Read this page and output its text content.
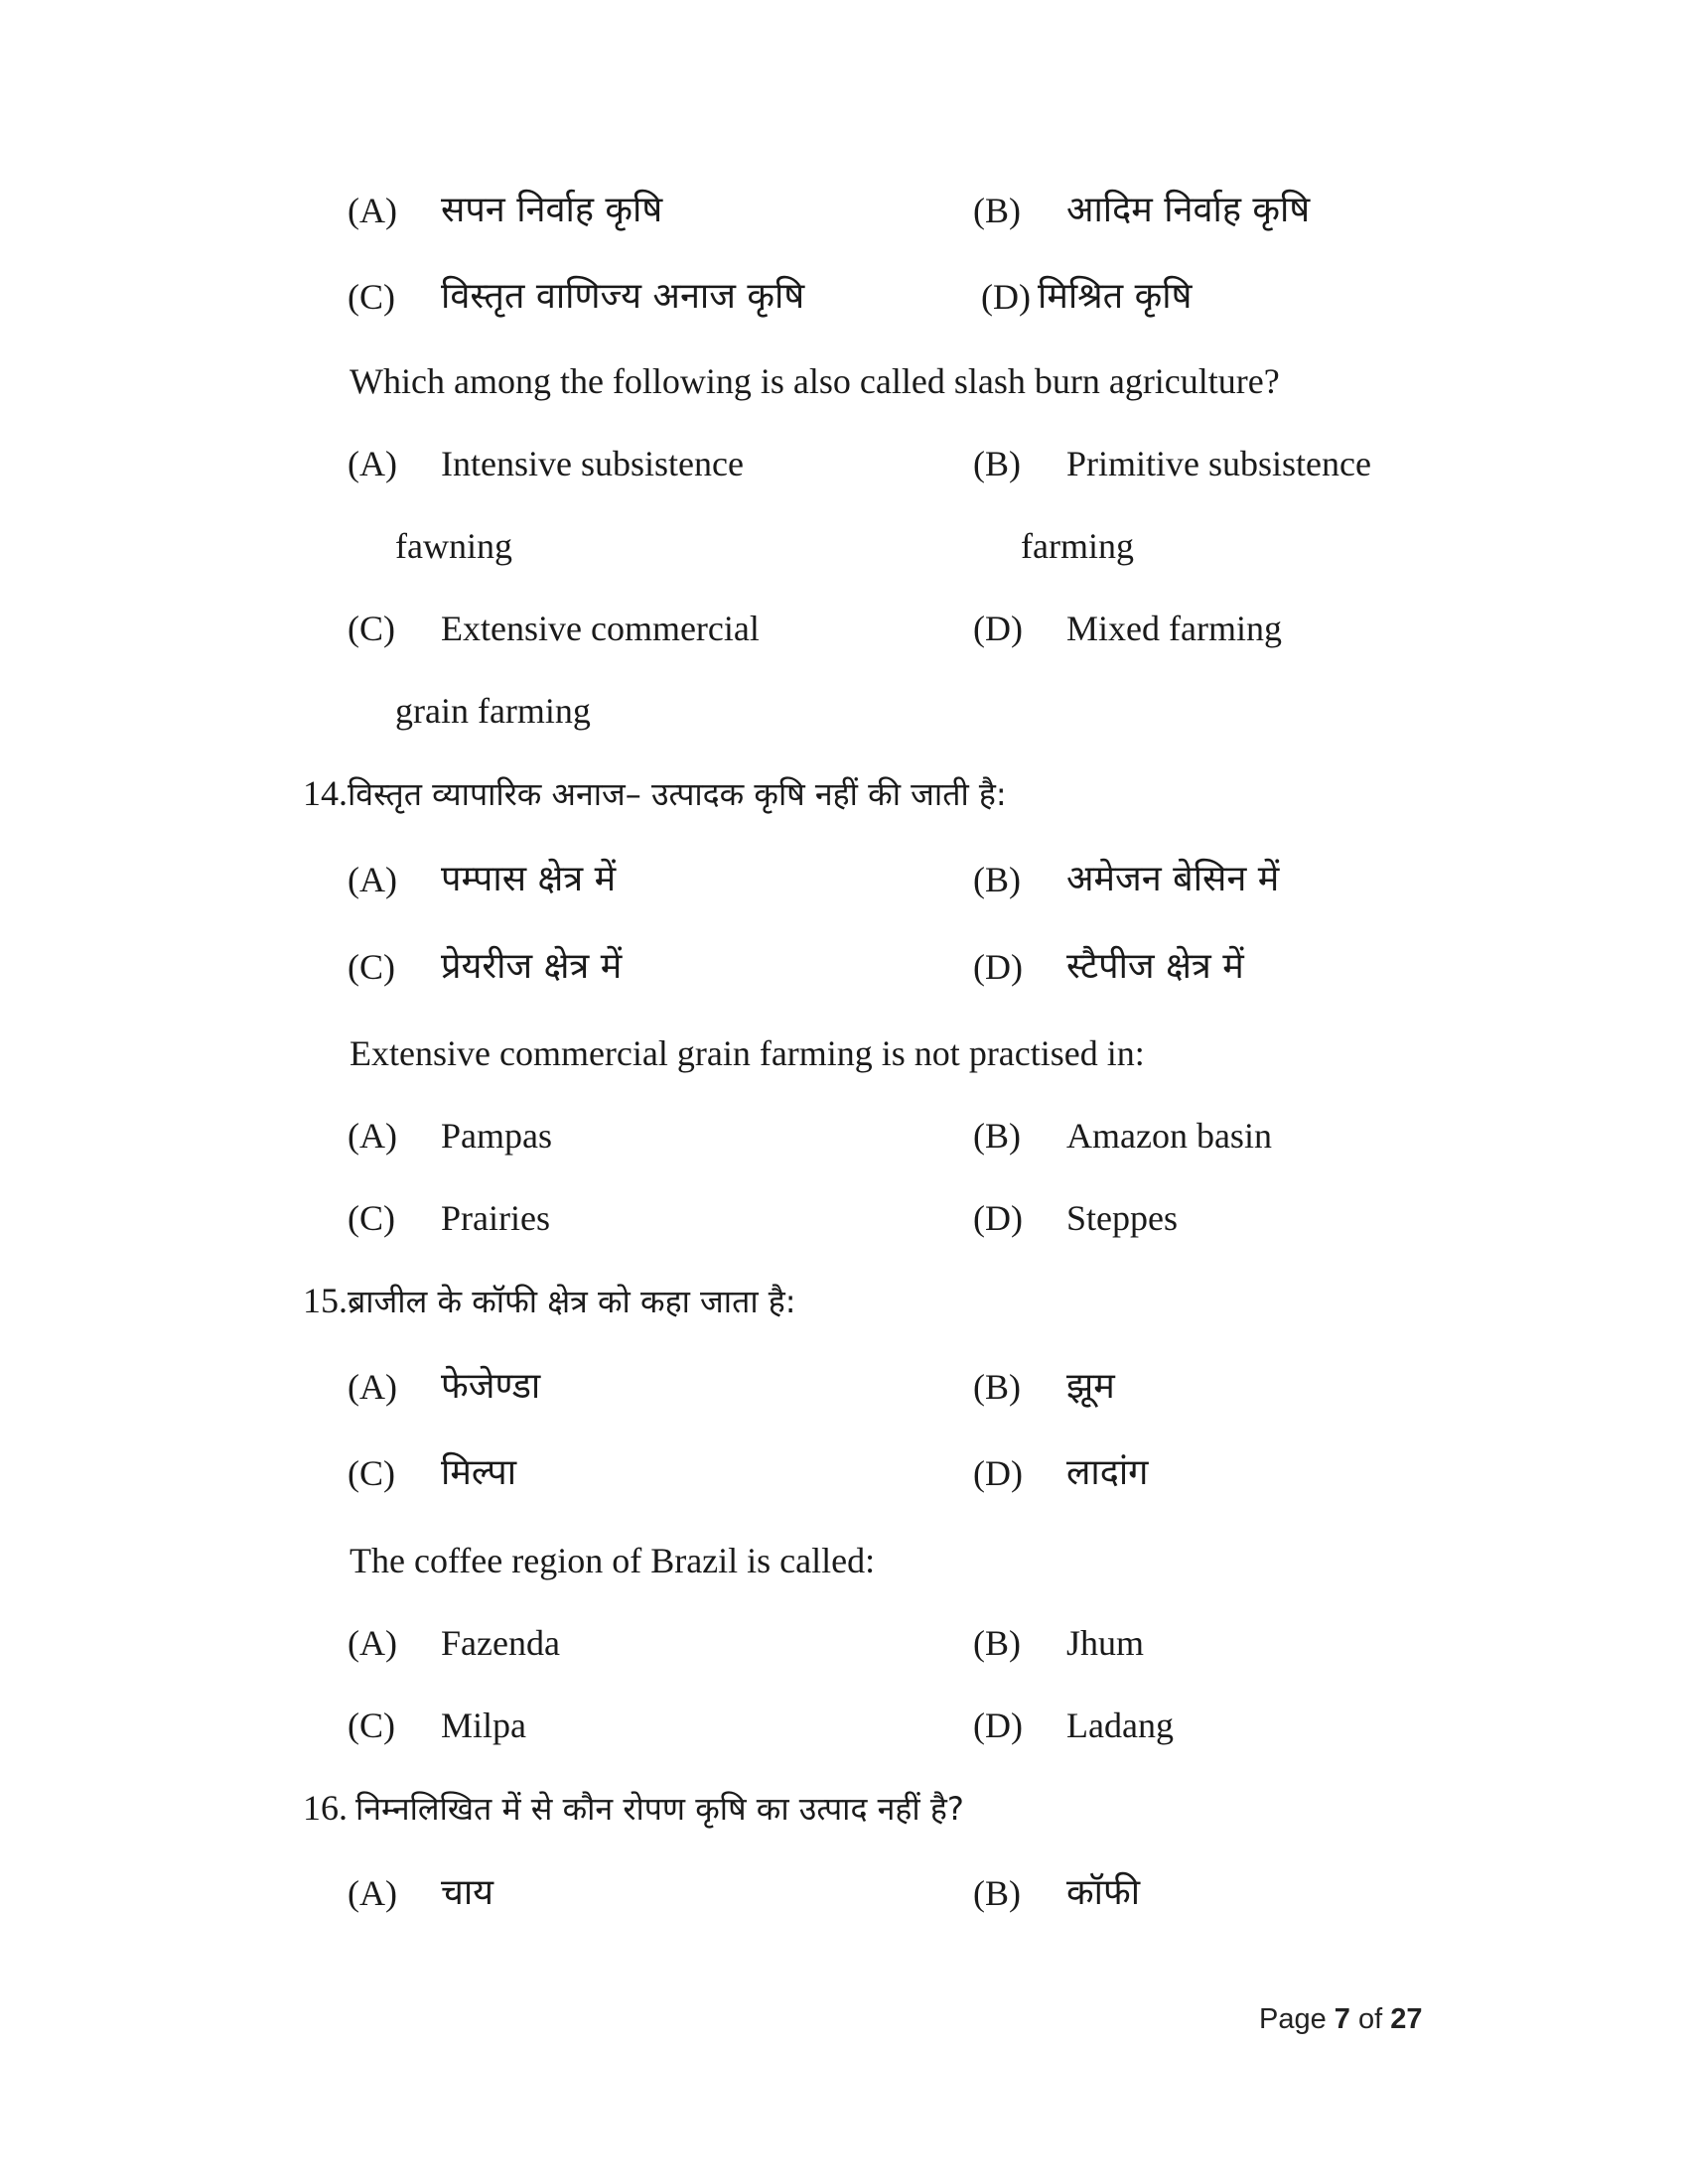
(A) सपन निर्वाह कृषि	(B) आदिम निर्वाह कृषि
(C) विस्तृत वाणिज्य अनाज कृषि	(D) मिश्रित कृषि
Which among the following is also called slash burn agriculture?
(A) Intensive subsistence	(B) Primitive subsistence
fawning	farming
(C) Extensive commercial	(D) Mixed farming
grain farming
14.विस्तृत व्यापारिक अनाज– उत्पादक कृषि नहीं की जाती है:
(A) पम्पास क्षेत्र में	(B) अमेजन बेसिन में
(C) प्रेयरीज क्षेत्र में	(D) स्टैपीज क्षेत्र में
Extensive commercial grain farming is not practised in:
(A) Pampas	(B) Amazon basin
(C) Prairies	(D) Steppes
15.ब्राजील के कॉफी क्षेत्र को कहा जाता है:
(A) फेजेण्डा	(B) झूम
(C) मिल्पा	(D) लादांग
The coffee region of Brazil is called:
(A) Fazenda	(B) Jhum
(C) Milpa	(D) Ladang
16. निम्नलिखित में से कौन रोपण कृषि का उत्पाद नहीं है?
(A) चाय	(B) कॉफी
Page 7 of 27
